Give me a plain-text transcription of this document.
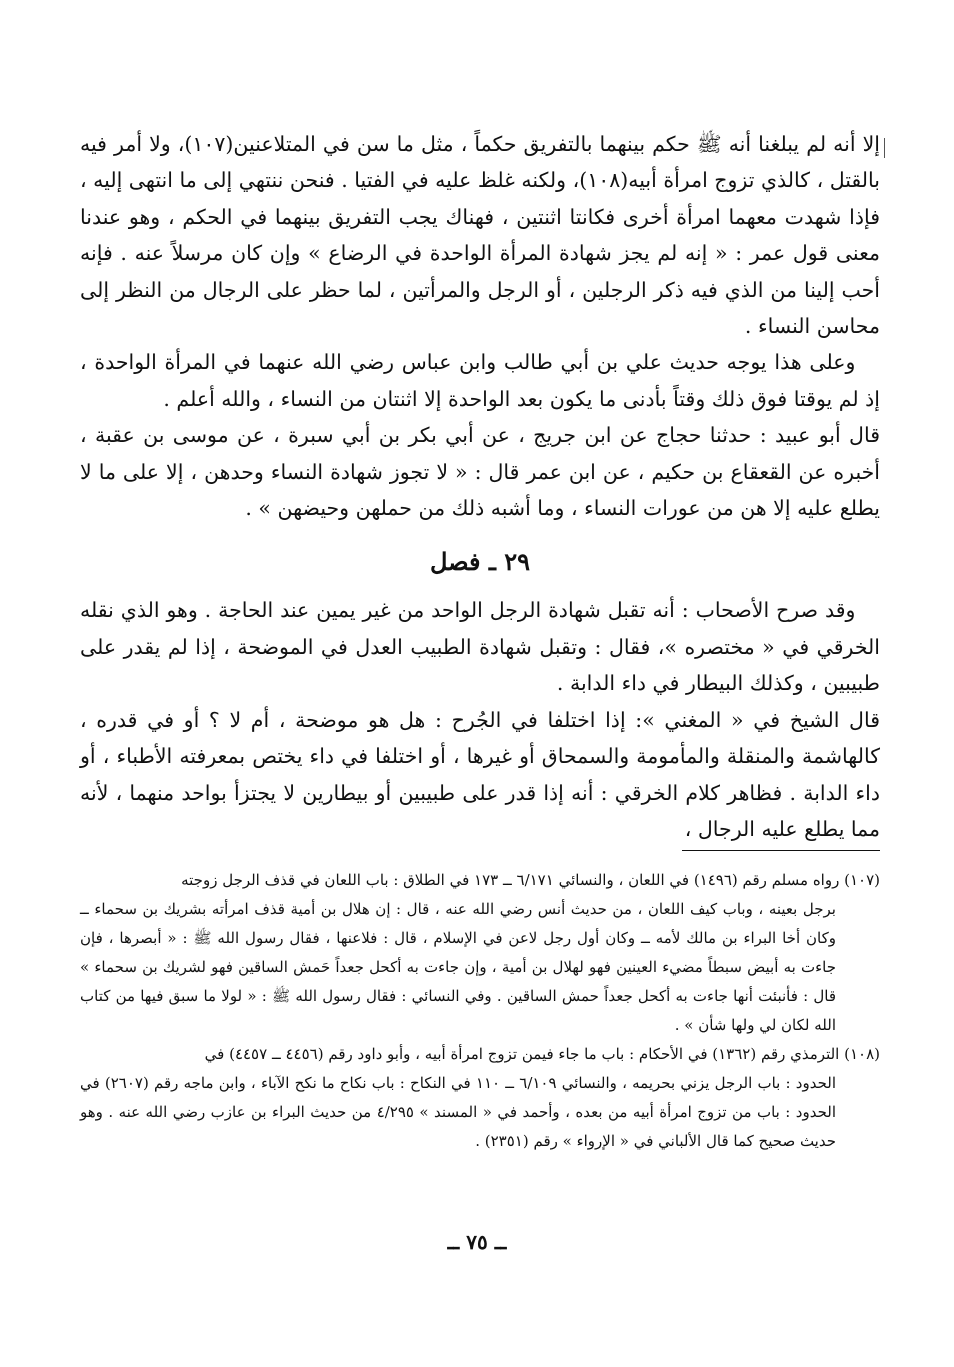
إلا أنه لم يبلغنا أنه ﷺ حكم بينهما بالتفريق حكماً ، مثل ما سن في المتلاعنين(١٠٧)، ولا أمر فيه بالقتل ، كالذي تزوج امرأة أبيه(١٠٨)، ولكنه غلظ عليه في الفتيا . فنحن ننتهي إلى ما انتهى إليه ، فإذا شهدت معهما امرأة أخرى فكانتا اثنتين ، فهناك يجب التفريق بينهما في الحكم ، وهو عندنا معنى قول عمر : « إنه لم يجز شهادة المرأة الواحدة في الرضاع » وإن كان مرسلاً عنه . فإنه أحب إلينا من الذي فيه ذكر الرجلين ، أو الرجل والمرأتين ، لما حظر على الرجال من النظر إلى محاسن النساء .

وعلى هذا يوجه حديث علي بن أبي طالب وابن عباس رضي الله عنهما في المرأة الواحدة ، إذ لم يوقتا فوق ذلك وقتاً بأدنى ما يكون بعد الواحدة إلا اثنتان من النساء ، والله أعلم .

قال أبو عبيد : حدثنا حجاج عن ابن جريج ، عن أبي بكر بن أبي سبرة ، عن موسى بن عقبة ، أخبره عن القعقاع بن حكيم ، عن ابن عمر قال : « لا تجوز شهادة النساء وحدهن ، إلا على ما لا يطلع عليه إلا هن من عورات النساء ، وما أشبه ذلك من حملهن وحيضهن » .

٢٩ ـ فصل

وقد صرح الأصحاب : أنه تقبل شهادة الرجل الواحد من غير يمين عند الحاجة . وهو الذي نقله الخرقي في « مختصره »، فقال : وتقبل شهادة الطبيب العدل في الموضحة ، إذا لم يقدر على طبيبين ، وكذلك البيطار في داء الدابة .

قال الشيخ في « المغني »: إذا اختلفا في الجُرح : هل هو موضحة ، أم لا ؟ أو في قدره ، كالهاشمة والمنقلة والمأمومة والسمحاق أو غيرها ، أو اختلفا في داء يختص بمعرفته الأطباء ، أو داء الدابة . فظاهر كلام الخرقي : أنه إذا قدر على طبيبين أو بيطارين لا يجتزأ بواحد منهما ، لأنه مما يطلع عليه الرجال ،

(١٠٧) رواه مسلم رقم (١٤٩٦) في اللعان ، والنسائي ٦/١٧١ ــ ١٧٣ في الطلاق : باب اللعان في قذف الرجل زوجته

برجل بعينه ، وباب كيف اللعان ، من حديث أنس رضي الله عنه ، قال : إن هلال بن أمية قذف امرأته بشريك بن سحماء ــ وكان أخا البراء بن مالك لأمه ــ وكان أول رجل لاعن في الإسلام ، قال : فلاعنها ، فقال رسول الله ﷺ : « أبصرها ، فإن جاءت به أبيض سبطاً مضيء العينين فهو لهلال بن أمية ، وإن جاءت به أكحل جعداً حَمش الساقين فهو لشريك بن سحماء » قال : فأنبئت أنها جاءت به أكحل جعداً حمش الساقين . وفي النسائي : فقال رسول الله ﷺ : « لولا ما سبق فيها من كتاب الله لكان لي ولها شأن » .

(١٠٨) الترمذي رقم (١٣٦٢) في الأحكام : باب ما جاء فيمن تزوج امرأة أبيه ، وأبو داود رقم (٤٤٥٦ ــ ٤٤٥٧) في

الحدود : باب الرجل يزني بحريمه ، والنسائي ٦/١٠٩ ــ ١١٠ في النكاح : باب نكاح ما نكح الآباء ، وابن ماجه رقم (٢٦٠٧) في الحدود : باب من تزوج امرأة أبيه من بعده ، وأحمد في « المسند » ٤/٢٩٥ من حديث البراء بن عازب رضي الله عنه . وهو حديث صحيح كما قال الألباني في « الإرواء » رقم (٢٣٥١) .

ــ ٧٥ ــ
